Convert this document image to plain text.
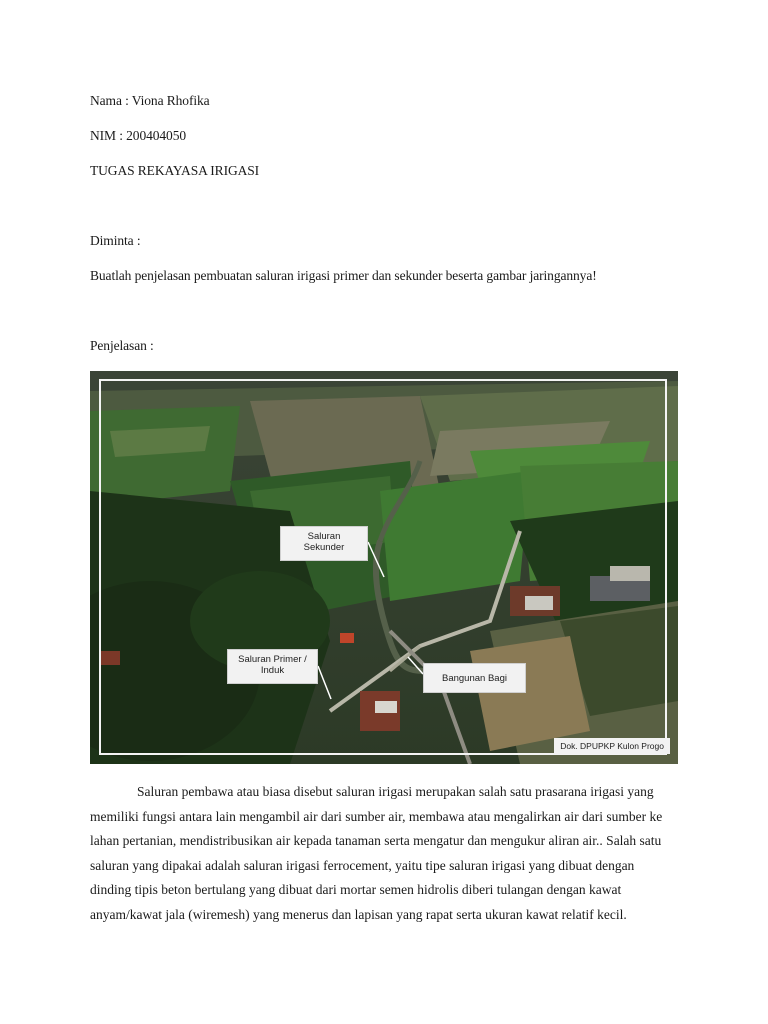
Nama : Viona Rhofika
NIM : 200404050
TUGAS REKAYASA IRIGASI
Diminta :
Buatlah penjelasan pembuatan saluran irigasi primer dan sekunder beserta gambar jaringannya!
Penjelasan :
Saluran
Sekunder
Saluran Primer /
Induk
Bangunan Bagi
Dok. DPUPKP Kulon Progo
Saluran pembawa atau biasa disebut saluran irigasi merupakan salah satu prasarana irigasi yang
memiliki fungsi antara lain mengambil air dari sumber air, membawa atau mengalirkan air dari sumber ke
lahan pertanian, mendistribusikan air kepada tanaman serta mengatur dan mengukur aliran air.. Salah satu
saluran yang dipakai adalah saluran irigasi ferrocement, yaitu tipe saluran irigasi yang dibuat dengan
dinding tipis beton bertulang yang dibuat dari mortar semen hidrolis diberi tulangan dengan kawat
anyam/kawat jala (wiremesh) yang menerus dan lapisan yang rapat serta ukuran kawat relatif kecil.
